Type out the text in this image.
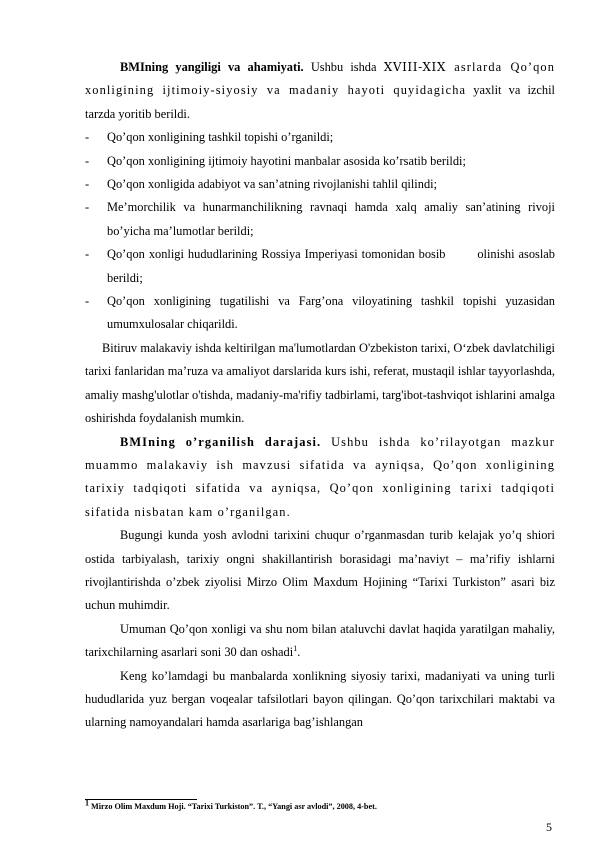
BMIning yangiligi va ahamiyati. Ushbu ishda XVIII-XIX asrlarda Qo’qon xonligining ijtimoiy-siyosiy va madaniy hayoti quyidagicha yaxlit va izchil tarzda yoritib berildi.

- Qo’qon xonligining tashkil topishi o’rganildi;
- Qo’qon xonligining ijtimoiy hayotini manbalar asosida ko’rsatib berildi;
- Qo’qon xonligida adabiyot va san’atning rivojlanishi tahlil qilindi;
- Me’morchilik va hunarmanchilikning ravnaqi hamda xalq amaliy san’atining rivoji bo’yicha ma’lumotlar berildi;
- Qo’qon xonligi hududlarining Rossiya Imperiyasi tomonidan bosib        olinishi asoslab berildi;
- Qo’qon xonligining tugatilishi va Farg’ona viloyatining tashkil topishi yuzasidan umumxulosalar chiqarildi.

Bitiruv malakaviy ishda keltirilgan ma'lumotlardan O'zbekiston tarixi, O‘zbek davlatchiligi tarixi fanlaridan ma’ruza va amaliyot darslarida kurs ishi, referat, mustaqil ishlar tayyorlashda, amaliy mashg'ulotlar o'tishda, madaniy-ma'rifiy tadbirlami, targ'ibot-tashviqot ishlarini amalga oshirishda foydalanish mumkin.

BMIning o’rganilish darajasi. Ushbu ishda ko’rilayotgan mazkur muammo malakaviy ish mavzusi sifatida va ayniqsa, Qo’qon xonligining tarixiy tadqiqoti sifatida va ayniqsa, Qo’qon xonligining tarixi tadqiqoti sifatida nisbatan kam o’rganilgan.

Bugungi kunda yosh avlodni tarixini chuqur o’rganmasdan turib kelajak yo’q shiori ostida tarbiyalash, tarixiy ongni shakillantirish borasidagi ma’naviyt – ma’rifiy ishlarni rivojlantirishda o’zbek ziyolisi Mirzo Olim Maxdum Hojining “Tarixi Turkiston” asari biz uchun muhimdir.

Umuman Qo’qon xonligi va shu nom bilan ataluvchi davlat haqida yaratilgan mahaliy, tarixchilarning asarlari soni 30 dan oshadi$^1$.

Keng ko’lamdagi bu manbalarda xonlikning siyosiy tarixi, madaniyati va uning turli hududlarida yuz bergan voqealar tafsilotlari bayon qilingan. Qo’qon tarixchilari maktabi va ularning namoyandalari hamda asarlariga bag’ishlangan

$^1$ Mirzo Olim Maxdum Hoji. “Tarixi Turkiston”. T., “Yangi asr avlodi”, 2008, 4-bet.
5
